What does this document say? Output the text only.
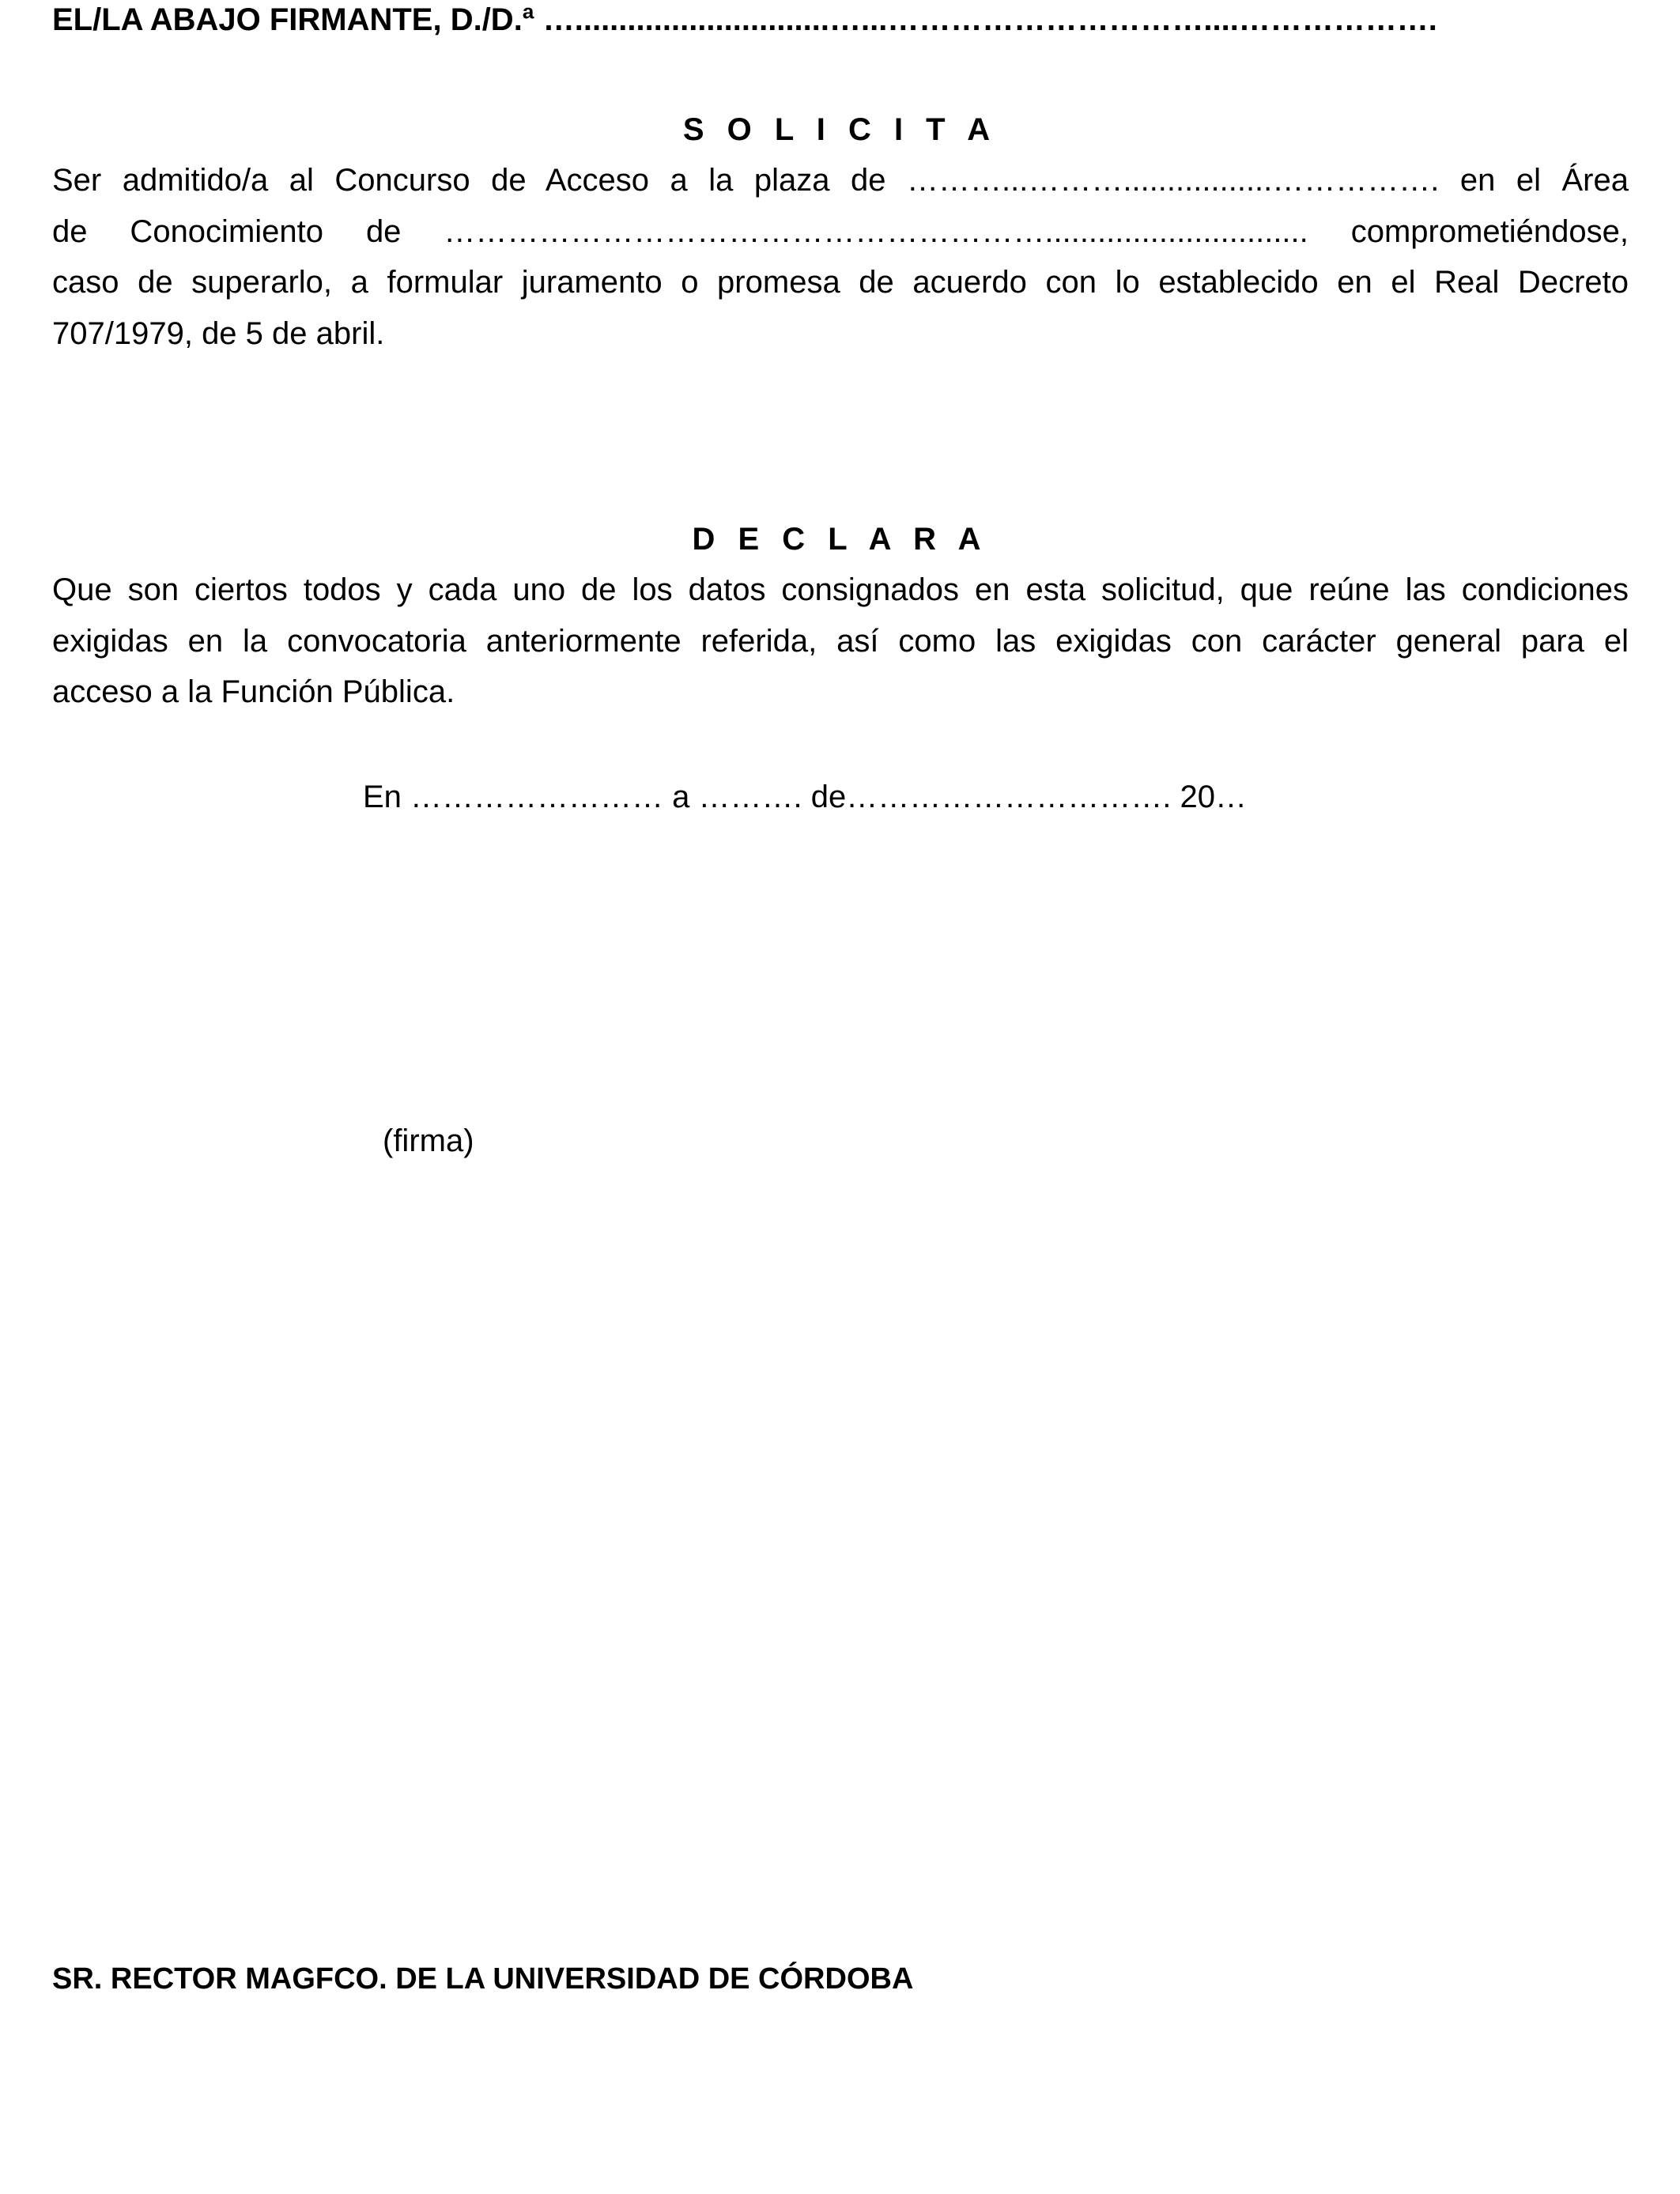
EL/LA ABAJO FIRMANTE, D./D.ª ….............................…...…………………………....……………….

S O L I C I T A
Ser admitido/a al Concurso de Acceso a la plaza de ………...……….................……………. en el Área
de Conocimiento de ………………………………………………….............................. comprometiéndose,
caso de superarlo, a formular juramento o promesa de acuerdo con lo establecido en el Real Decreto
707/1979, de 5 de abril.
D E C L A R A
Que son ciertos todos y cada uno de los datos consignados en esta solicitud, que reúne las condiciones
exigidas en la convocatoria anteriormente referida, así como las exigidas con carácter general para el
acceso a la Función Pública.

En …………………… a ………. de…………………………. 20…

(firma)

SR. RECTOR MAGFCO. DE LA UNIVERSIDAD DE CÓRDOBA
